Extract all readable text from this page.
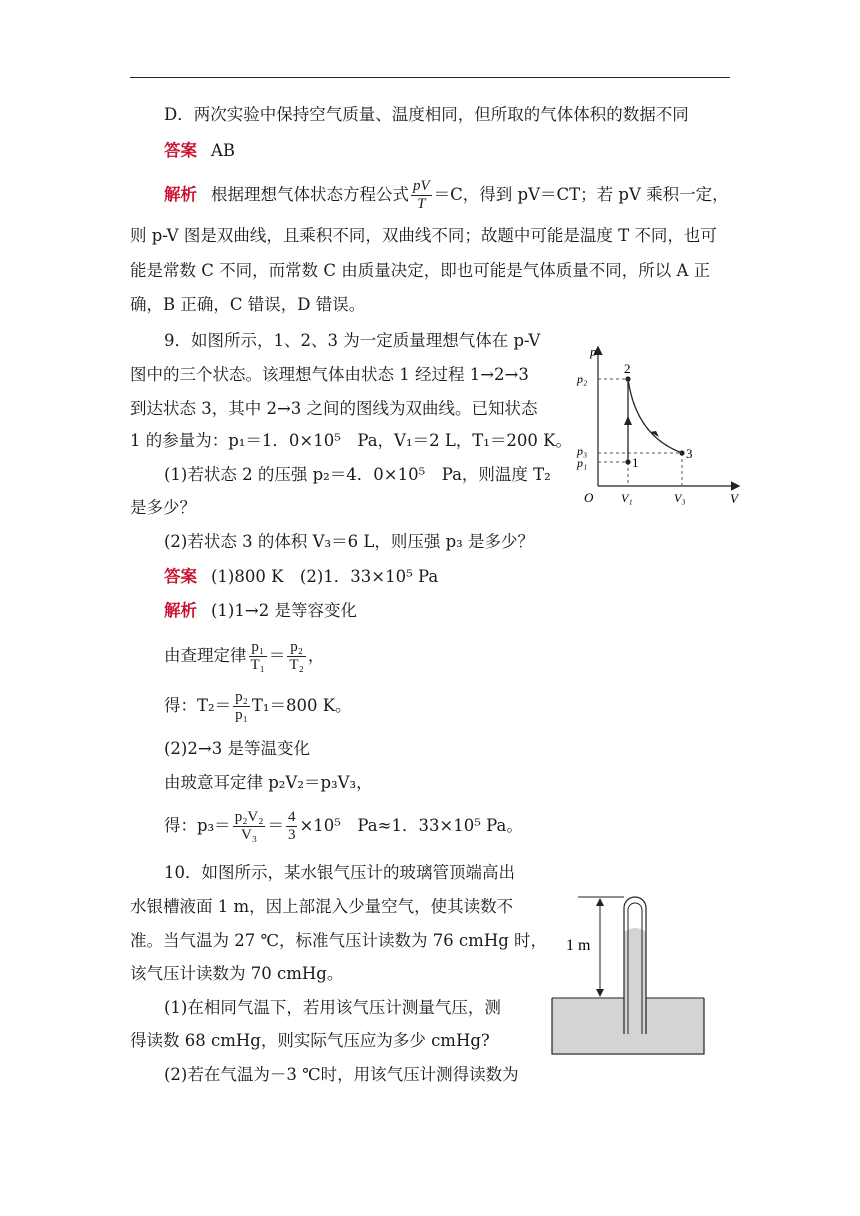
D．两次实验中保持空气质量、温度相同，但所取的气体体积的数据不同
答案 AB
解析 根据理想气体状态方程公式 $\frac{pV}{T} =C$，得到 pV＝CT；若 pV 乘积一定，
则 p-V 图是双曲线，且乘积不同，双曲线不同；故题中可能是温度 T 不同，也可
能是常数 C 不同，而常数 C 由质量决定，即也可能是气体质量不同，所以 A 正
确，B 正确，C 错误，D 错误。
9．如图所示，1、2、3 为一定质量理想气体在 p-V
图中的三个状态。该理想气体由状态 1 经过程 1→2→3
到达状态 3，其中 2→3 之间的图线为双曲线。已知状态
1 的参量为：p₁＝1．0×10⁵　Pa，V₁＝2 L，T₁＝200 K。
(1)若状态 2 的压强 p₂＝4．0×10⁵　Pa，则温度 T₂
是多少？
(2)若状态 3 的体积 V₃＝6 L，则压强 p₃ 是多少？
答案 (1)800 K　(2)1．33×10⁵ Pa
解析 (1)1→2 是等容变化
由查理定律 $\frac{\text{p₁}}{\text{T₁}} = \frac{\text{p₂}}{\text{T₂}}$ ，
得：$T_2= \frac{\text{p₂}}{\text{p₁}} T_1=800$ K。
(2)2→3 是等温变化
由玻意耳定律 p₂V₂＝p₃V₃，
得：$p_3= \frac{\text{p₂V₂}}{\text{V₃}} = \frac{4}{3} \times 10^5$　Pa≈1．33×10⁵ Pa。
10．如图所示，某水银气压计的玻璃管顶端高出
水银槽液面 1 m，因上部混入少量空气，使其读数不
准。当气温为 27 ℃，标准气压计读数为 76 cmHg 时，
该气压计读数为 70 cmHg。
(1)在相同气温下，若用该气压计测量气压，测
得读数 68 cmHg，则实际气压应为多少 cmHg?
(2)若在气温为－3 ℃时，用该气压计测得读数为
p
V
O
p₂
p₃
p₁
V₁	V₃
1
2
3
1 m
